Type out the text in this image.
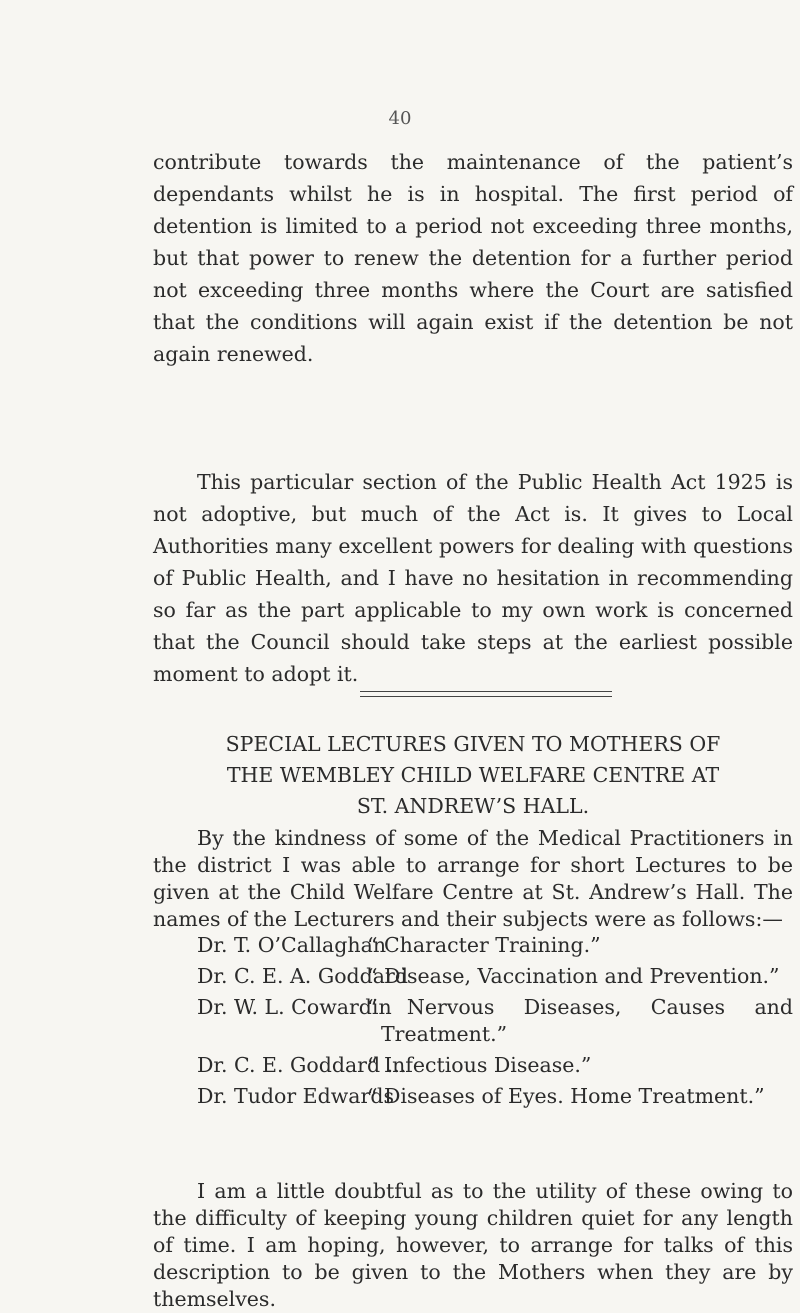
40

contribute towards the maintenance of the patient’s dependants whilst he is in hospital. The first period of detention is limited to a period not exceeding three months, but that power to renew the detention for a further period not exceeding three months where the Court are satisfied that the conditions will again exist if the detention be not again renewed.

This particular section of the Public Health Act 1925 is not adoptive, but much of the Act is. It gives to Local Authorities many excellent powers for dealing with questions of Public Health, and I have no hesitation in recommending so far as the part applicable to my own work is concerned that the Council should take steps at the earliest possible moment to adopt it.

SPECIAL LECTURES GIVEN TO MOTHERS OF
THE WEMBLEY CHILD WELFARE CENTRE AT
ST. ANDREW’S HALL.

By the kindness of some of the Medical Practitioners in the district I was able to arrange for short Lectures to be given at the Child Welfare Centre at St. Andrew’s Hall. The names of the Lecturers and their subjects were as follows:—

Dr. T. O’Callaghan
“ Character Training.”
Dr. C. E. A. Goddard
“ Disease, Vaccination and Prevention.”
Dr. W. L. Cowardin
“ Nervous Diseases, Causes and Treatment.”
Dr. C. E. Goddard ...
“ Infectious Disease.”
Dr. Tudor Edwards
“ Diseases of Eyes. Home Treatment.”

I am a little doubtful as to the utility of these owing to the difficulty of keeping young children quiet for any length of time. I am hoping, however, to arrange for talks of this description to be given to the Mothers when they are by themselves.
